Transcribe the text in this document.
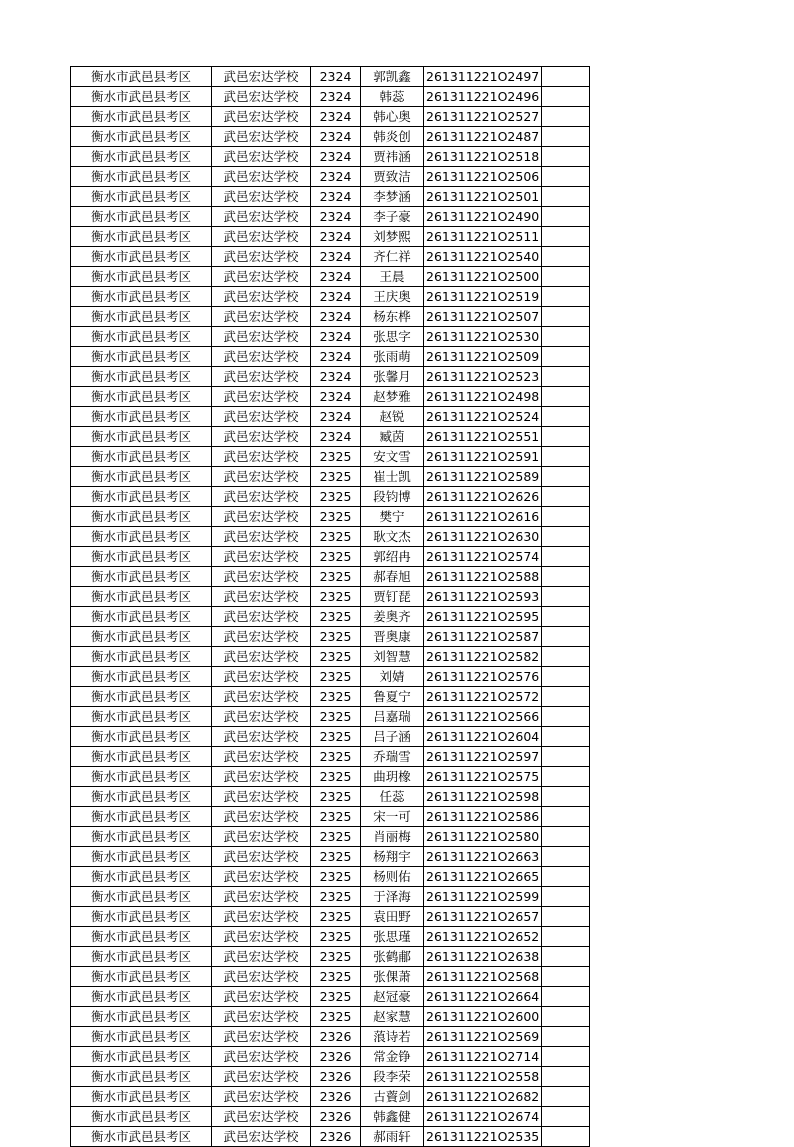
衡水市武邑县考区	武邑宏达学校	2324	郭凯鑫	261311221O2497	
衡水市武邑县考区	武邑宏达学校	2324	韩蕊	261311221O2496	
衡水市武邑县考区	武邑宏达学校	2324	韩心奥	261311221O2527	
衡水市武邑县考区	武邑宏达学校	2324	韩炎创	261311221O2487	
衡水市武邑县考区	武邑宏达学校	2324	贾祎涵	261311221O2518	
衡水市武邑县考区	武邑宏达学校	2324	贾致洁	261311221O2506	
衡水市武邑县考区	武邑宏达学校	2324	李梦涵	261311221O2501	
衡水市武邑县考区	武邑宏达学校	2324	李子豪	261311221O2490	
衡水市武邑县考区	武邑宏达学校	2324	刘梦熙	261311221O2511	
衡水市武邑县考区	武邑宏达学校	2324	齐仁祥	261311221O2540	
衡水市武邑县考区	武邑宏达学校	2324	王晨	261311221O2500	
衡水市武邑县考区	武邑宏达学校	2324	王庆奥	261311221O2519	
衡水市武邑县考区	武邑宏达学校	2324	杨东桦	261311221O2507	
衡水市武邑县考区	武邑宏达学校	2324	张思字	261311221O2530	
衡水市武邑县考区	武邑宏达学校	2324	张雨萌	261311221O2509	
衡水市武邑县考区	武邑宏达学校	2324	张馨月	261311221O2523	
衡水市武邑县考区	武邑宏达学校	2324	赵梦雅	261311221O2498	
衡水市武邑县考区	武邑宏达学校	2324	赵锐	261311221O2524	
衡水市武邑县考区	武邑宏达学校	2324	臧茵	261311221O2551	
衡水市武邑县考区	武邑宏达学校	2325	安文雪	261311221O2591	
衡水市武邑县考区	武邑宏达学校	2325	崔士凯	261311221O2589	
衡水市武邑县考区	武邑宏达学校	2325	段钧博	261311221O2626	
衡水市武邑县考区	武邑宏达学校	2325	樊宁	261311221O2616	
衡水市武邑县考区	武邑宏达学校	2325	耿文杰	261311221O2630	
衡水市武邑县考区	武邑宏达学校	2325	郭绍冉	261311221O2574	
衡水市武邑县考区	武邑宏达学校	2325	郝春旭	261311221O2588	
衡水市武邑县考区	武邑宏达学校	2325	贾钉琵	261311221O2593	
衡水市武邑县考区	武邑宏达学校	2325	姜奥齐	261311221O2595	
衡水市武邑县考区	武邑宏达学校	2325	晋奥康	261311221O2587	
衡水市武邑县考区	武邑宏达学校	2325	刘智慧	261311221O2582	
衡水市武邑县考区	武邑宏达学校	2325	刘婧	261311221O2576	
衡水市武邑县考区	武邑宏达学校	2325	鲁夏宁	261311221O2572	
衡水市武邑县考区	武邑宏达学校	2325	吕嘉瑞	261311221O2566	
衡水市武邑县考区	武邑宏达学校	2325	吕子涵	261311221O2604	
衡水市武邑县考区	武邑宏达学校	2325	乔瑞雪	261311221O2597	
衡水市武邑县考区	武邑宏达学校	2325	曲玥橡	261311221O2575	
衡水市武邑县考区	武邑宏达学校	2325	任蕊	261311221O2598	
衡水市武邑县考区	武邑宏达学校	2325	宋一可	261311221O2586	
衡水市武邑县考区	武邑宏达学校	2325	肖丽梅	261311221O2580	
衡水市武邑县考区	武邑宏达学校	2325	杨翔宇	261311221O2663	
衡水市武邑县考区	武邑宏达学校	2325	杨则佑	261311221O2665	
衡水市武邑县考区	武邑宏达学校	2325	于泽海	261311221O2599	
衡水市武邑县考区	武邑宏达学校	2325	袁田野	261311221O2657	
衡水市武邑县考区	武邑宏达学校	2325	张思瑾	261311221O2652	
衡水市武邑县考区	武邑宏达学校	2325	张鹤郙	261311221O2638	
衡水市武邑县考区	武邑宏达学校	2325	张倮萧	261311221O2568	
衡水市武邑县考区	武邑宏达学校	2325	赵冠豪	261311221O2664	
衡水市武邑县考区	武邑宏达学校	2325	赵家慧	261311221O2600	
衡水市武邑县考区	武邑宏达学校	2326	蒗诗若	261311221O2569	
衡水市武邑县考区	武邑宏达学校	2326	常金铮	261311221O2714	
衡水市武邑县考区	武邑宏达学校	2326	段李荣	261311221O2558	
衡水市武邑县考区	武邑宏达学校	2326	古薋剑	261311221O2682	
衡水市武邑县考区	武邑宏达学校	2326	韩鑫健	261311221O2674	
衡水市武邑县考区	武邑宏达学校	2326	郝雨轩	261311221O2535	
